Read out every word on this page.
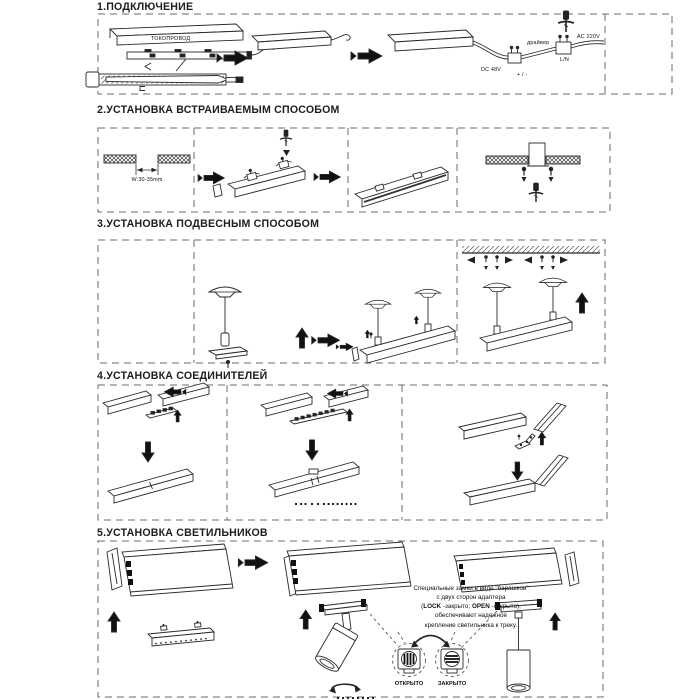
1.ПОДКЛЮЧЕНИЕ
2.УСТАНОВКА ВСТРАИВАЕМЫМ СПОСОБОМ
3.УСТАНОВКА ПОДВЕСНЫМ СПОСОБОМ
4.УСТАНОВКА СОЕДИНИТЕЛЕЙ
5.УСТАНОВКА СВЕТИЛЬНИКОВ
ТОКОПРОВОД
DC 48V
+ / -
драйвер
L/N
AC 220V
W:30-35mm
Специальные замки в виде "барашков"
с двух сторон адаптера
(LOCK -закрыто; OPEN -открыто),
обеспечивают надежное
крепление светильника к треку.
ОТКРЫТО	ЗАКРЫТО
